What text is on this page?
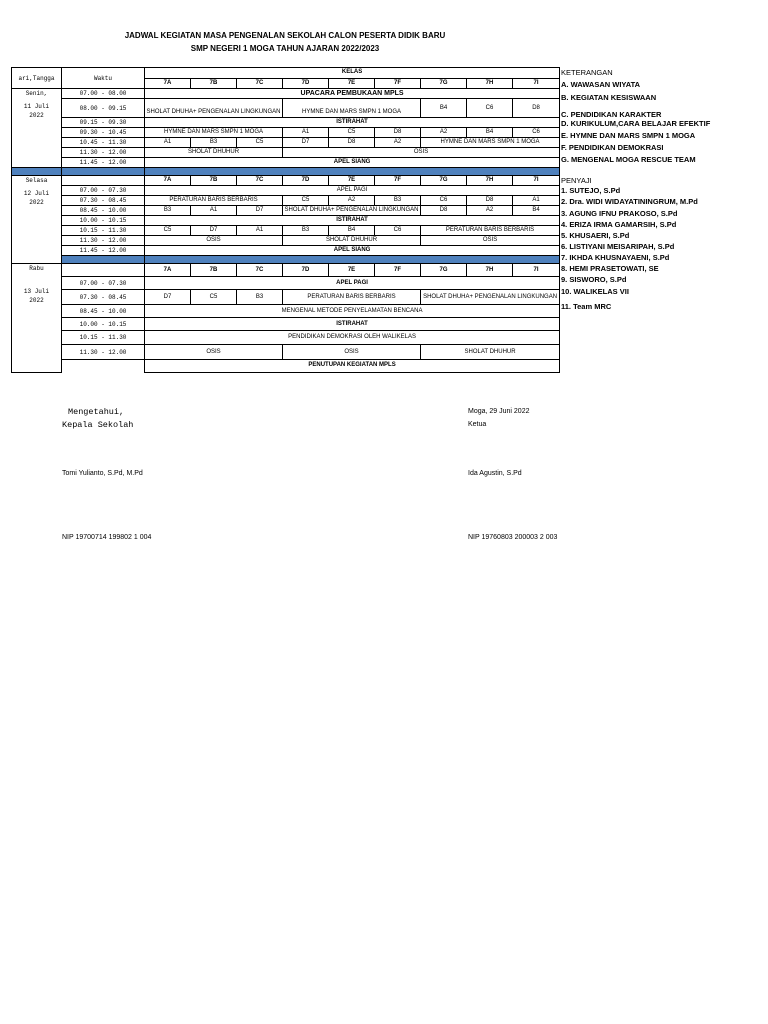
JADWAL KEGIATAN MASA PENGENALAN SEKOLAH CALON PESERTA DIDIK BARU
SMP NEGERI 1 MOGA TAHUN AJARAN 2022/2023
ari,Tangga	Waktu	KELAS								
		7A	7B	7C	7D	7E	7F	7G	7H	7I

Senin,
11 Juli 2022	07.00 - 08.00	UPACARA PEMBUKAAN MPLS								
	08.00 - 09.15	SHOLAT DHUHA+ PENGENALAN LINGKUNGAN			HYMNE DAN MARS SMPN 1 MOGA			B4	C6	D8
	09.15 - 09.30	ISTIRAHAT								
	09.30 - 10.45	HYMNE DAN MARS SMPN 1 MOGA			A1	C5	D8	A2	B4	C6
	10.45 - 11.30	A1	B3	C5	D7	D8	A2	HYMNE DAN MARS SMPN 1 MOGA		
	11.30 - 12.00	SHOLAT DHUHUR			OSIS					
	11.45 - 12.00	APEL SIANG								

Selasa
12 Juli 2022		7A	7B	7C	7D	7E	7F	7G	7H	7I
	07.00 - 07.30	APEL PAGI								
	07.30 - 08.45	PERATURAN BARIS BERBARIS			C5	A2	B3	C6	D8	A1
	08.45 - 10.00	B3	A1	D7	SHOLAT DHUHA+ PENGENALAN LINGKUNGAN			D8	A2	B4
	10.00 - 10.15	ISTIRAHAT								
	10.15 - 11.30	C5	D7	A1	B3	B4	C6	PERATURAN BARIS BERBARIS		
	11.30 - 12.00	OSIS			SHOLAT DHUHUR			OSIS		
	11.45 - 12.00	APEL SIANG								

Rabu
13 Juli 2022		7A	7B	7C	7D	7E	7F	7G	7H	7I
	07.00 - 07.30	APEL PAGI								
	07.30 - 08.45	D7	C5	B3	PERATURAN BARIS BERBARIS			SHOLAT DHUHA+ PENGENALAN LINGKUNGAN		
	08.45 - 10.00	MENGENAL METODE PENYELAMATAN BENCANA								
	10.00 - 10.15	ISTIRAHAT								
	10.15 - 11.30	PENDIDIKAN DEMOKRASI OLEH WALIKELAS								
	11.30 - 12.00	OSIS			OSIS			SHOLAT DHUHUR		
		PENUTUPAN KEGIATAN MPLS								
KETERANGAN
A. WAWASAN WIYATA
B. KEGIATAN KESISWAAN
C. PENDIDIKAN KARAKTER
D. KURIKULUM,CARA BELAJAR EFEKTIF
E. HYMNE DAN MARS SMPN 1 MOGA
F. PENDIDIKAN DEMOKRASI
G. MENGENAL MOGA RESCUE TEAM
PENYAJI
1. SUTEJO, S.Pd
2. Dra. WIDI WIDAYATININGRUM, M.Pd
3. AGUNG IFNU PRAKOSO, S.Pd
4. ERIZA IRMA GAMARSIH, S.Pd
5. KHUSAERI, S.Pd
6. LISTIYANI MEISARIPAH, S.Pd
7. IKHDA KHUSNAYAENI, S.Pd
8. HEMI PRASETOWATI, SE
9. SISWORO, S.Pd
10. WALIKELAS VII
11. Team MRC
Mengetahui,
Kepala Sekolah
Tomi Yulianto, S.Pd, M.Pd
NIP 19700714 199802 1 004
Moga, 29 Juni 2022
Ketua
Ida Agustin, S.Pd
NIP 19760803 200003 2 003
